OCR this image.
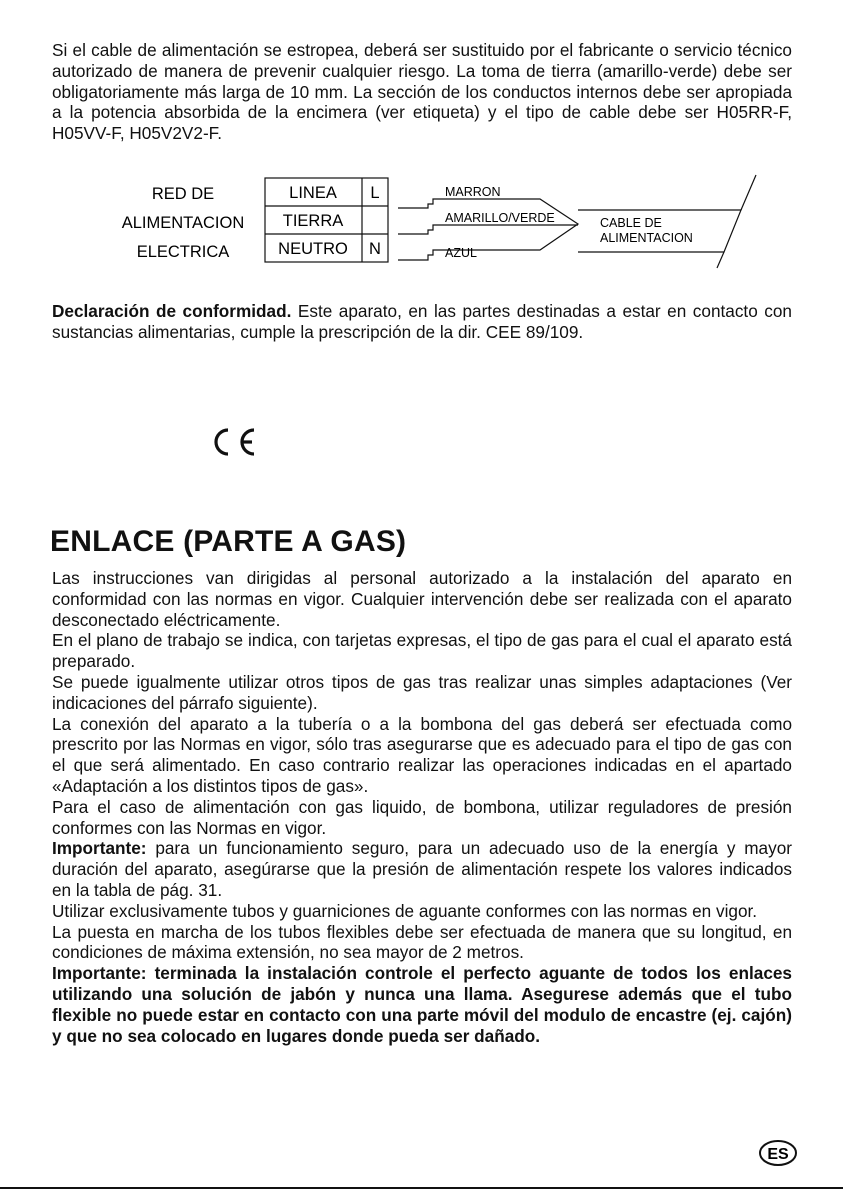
Si el cable de alimentación se estropea, deberá ser sustituido por el fabricante o servicio técnico autorizado de manera de prevenir cualquier riesgo. La toma de tierra (amarillo-verde) debe ser obligatoriamente más larga de 10 mm. La sección de los conductos internos debe ser apropiada a la potencia absorbida de la encimera (ver etiqueta) y el tipo de cable debe ser H05RR-F, H05VV-F, H05V2V2-F.

RED DE
ALIMENTACION
ELECTRICA
LINEA
TIERRA
NEUTRO
L
N
MARRON
AMARILLO/VERDE
AZUL
CABLE DE
ALIMENTACION

Declaración de conformidad. Este aparato, en las partes destinadas a estar en contacto con sustancias alimentarias, cumple la prescripción de la dir. CEE 89/109.

ENLACE (PARTE A GAS)

Las instrucciones van dirigidas al personal autorizado a la instalación del aparato en conformidad con las normas en vigor. Cualquier intervención debe ser realizada con el aparato desconectado eléctricamente.

En el plano de trabajo se indica, con tarjetas expresas, el tipo de gas para el cual el aparato está preparado.

Se puede igualmente utilizar otros tipos de gas tras realizar unas simples adaptaciones (Ver indicaciones del párrafo siguiente).

La conexión del aparato a la tubería o a la bombona del gas deberá ser efectuada como prescrito por las Normas en vigor, sólo tras asegurarse que es adecuado para el tipo de gas con el que será alimentado. En caso contrario realizar las operaciones indicadas en el apartado «Adaptación a los distintos tipos de gas».

Para el caso de alimentación con gas liquido, de bombona, utilizar reguladores de presión conformes con las Normas en vigor.

Importante: para un funcionamiento seguro, para un adecuado uso de la energía y mayor duración del aparato, asegúrarse que la presión de alimentación respete los valores indicados en la tabla de pág. 31.

Utilizar exclusivamente tubos y guarniciones de aguante conformes con las normas en vigor.

La puesta en marcha de los tubos flexibles debe ser efectuada de manera que su longitud, en condiciones de máxima extensión, no sea mayor de 2 metros.

Importante: terminada la instalación controle el perfecto aguante de todos los enlaces utilizando una solución de jabón y nunca una llama. Asegurese además que el tubo flexible no puede estar en contacto con una parte móvil del modulo de encastre (ej. cajón) y que no sea colocado en lugares donde pueda ser dañado.

ES
